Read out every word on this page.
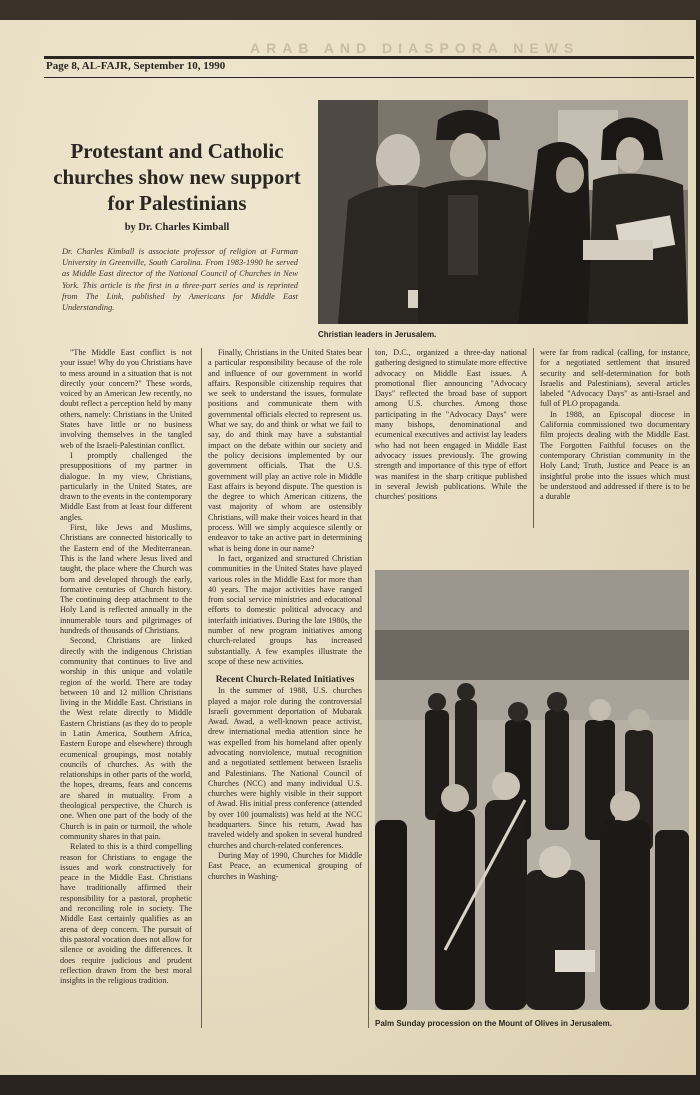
ARAB AND DIASPORA NEWS
Page 8, AL-FAJR, September 10, 1990
Protestant and Catholic churches show new support for Palestinians
by Dr. Charles Kimball
Dr. Charles Kimball is associate professor of religion at Furman University in Greenville, South Carolina. From 1983-1990 he served as Middle East director of the National Council of Churches in New York. This article is the first in a three-part series and is reprinted from The Link, published by Americans for Middle East Understanding.
Christian leaders in Jerusalem.

"The Middle East conflict is not your issue! Why do you Christians have to mess around in a situation that is not directly your concern?" These words, voiced by an American Jew recently, no doubt reflect a perception held by many others, namely: Christians in the United States have little or no business involving themselves in the tangled web of the Israeli-Palestinian conflict.

I promptly challenged the presuppositions of my partner in dialogue. In my view, Christians, particularly in the United States, are drawn to the events in the contemporary Middle East from at least four different angles.

First, like Jews and Muslims, Christians are connected historically to the Eastern end of the Mediterranean. This is the land where Jesus lived and taught, the place where the Church was born and developed through the early, formative centuries of Church history. The continuing deep attachment to the Holy Land is reflected annually in the innumerable tours and pilgrimages of hundreds of thousands of Christians.

Second, Christians are linked directly with the indigenous Christian community that continues to live and worship in this unique and volatile region of the world. There are today between 10 and 12 million Christians living in the Middle East. Christians in the West relate directly to Middle Eastern Christians (as they do to people in Latin America, Southern Africa, Eastern Europe and elsewhere) through ecumenical groupings, most notably councils of churches. As with the relationships in other parts of the world, the hopes, dreams, fears and concerns are shared in mutuality. From a theological perspective, the Church is one. When one part of the body of the Church is in pain or turmoil, the whole community shares in that pain.

Related to this is a third compelling reason for Christians to engage the issues and work constructively for peace in the Middle East. Christians have traditionally affirmed their responsibility for a pastoral, prophetic and reconciling role in society. The Middle East certainly qualifies as an arena of deep concern. The pursuit of this pastoral vocation does not allow for silence or avoiding the differences. It does require judicious and prudent reflection drawn from the best moral insights in the religious tradition.

Finally, Christians in the United States bear a particular responsibility because of the role and influence of our government in world affairs. Responsible citizenship requires that we seek to understand the issues, formulate positions and communicate them with governmental officials elected to represent us. What we say, do and think or what we fail to say, do and think may have a substantial impact on the debate within our society and the policy decisions implemented by our government officials. That the U.S. government will play an active role in Middle East affairs is beyond dispute. The question is the degree to which American citizens, the vast majority of whom are ostensibly Christians, will make their voices heard in that process. Will we simply acquiesce silently or endeavor to take an active part in determining what is being done in our name?

In fact, organized and structured Christian communities in the United States have played various roles in the Middle East for more than 40 years. The major activities have ranged from social service ministries and educational efforts to domestic political advocacy and interfaith initiatives. During the late 1980s, the number of new program initiatives among church-related groups has increased substantially. A few examples illustrate the scope of these new activities.

Recent Church-Related Initiatives

In the summer of 1988, U.S. churches played a major role during the controversial Israeli government deportation of Mubarak Awad. Awad, a well-known peace activist, drew international media attention since he was expelled from his homeland after openly advocating nonviolence, mutual recognition and a negotiated settlement between Israelis and Palestinians. The National Council of Churches (NCC) and many individual U.S. churches were highly visible in their support of Awad. His initial press conference (attended by over 100 journalists) was held at the NCC headquarters. Since his return, Awad has traveled widely and spoken in several hundred churches and church-related conferences.

During May of 1990, Churches for Middle East Peace, an ecumenical grouping of churches in Washing-

ton, D.C., organized a three-day national gathering designed to stimulate more effective advocacy on Middle East issues. A promotional flier announcing "Advocacy Days" reflected the broad base of support among U.S. churches. Among those participating in the "Advocacy Days" were many bishops, denominational and ecumenical executives and activist lay leaders who had not been engaged in Middle East advocacy issues previously. The growing strength and importance of this type of effort was manifest in the sharp critique published in several Jewish publications. While the churches' positions

were far from radical (calling, for instance, for a negotiated settlement that insured security and self-determination for both Israelis and Palestinians), several articles labeled "Advocacy Days" as anti-Israel and full of PLO propaganda.

In 1988, an Episcopal diocese in California commissioned two documentary film projects dealing with the Middle East. The Forgotten Faithful focuses on the contemporary Christian community in the Holy Land; Truth, Justice and Peace is an insightful probe into the issues which must be understood and addressed if there is to be a durable

Palm Sunday procession on the Mount of Olives in Jerusalem.
